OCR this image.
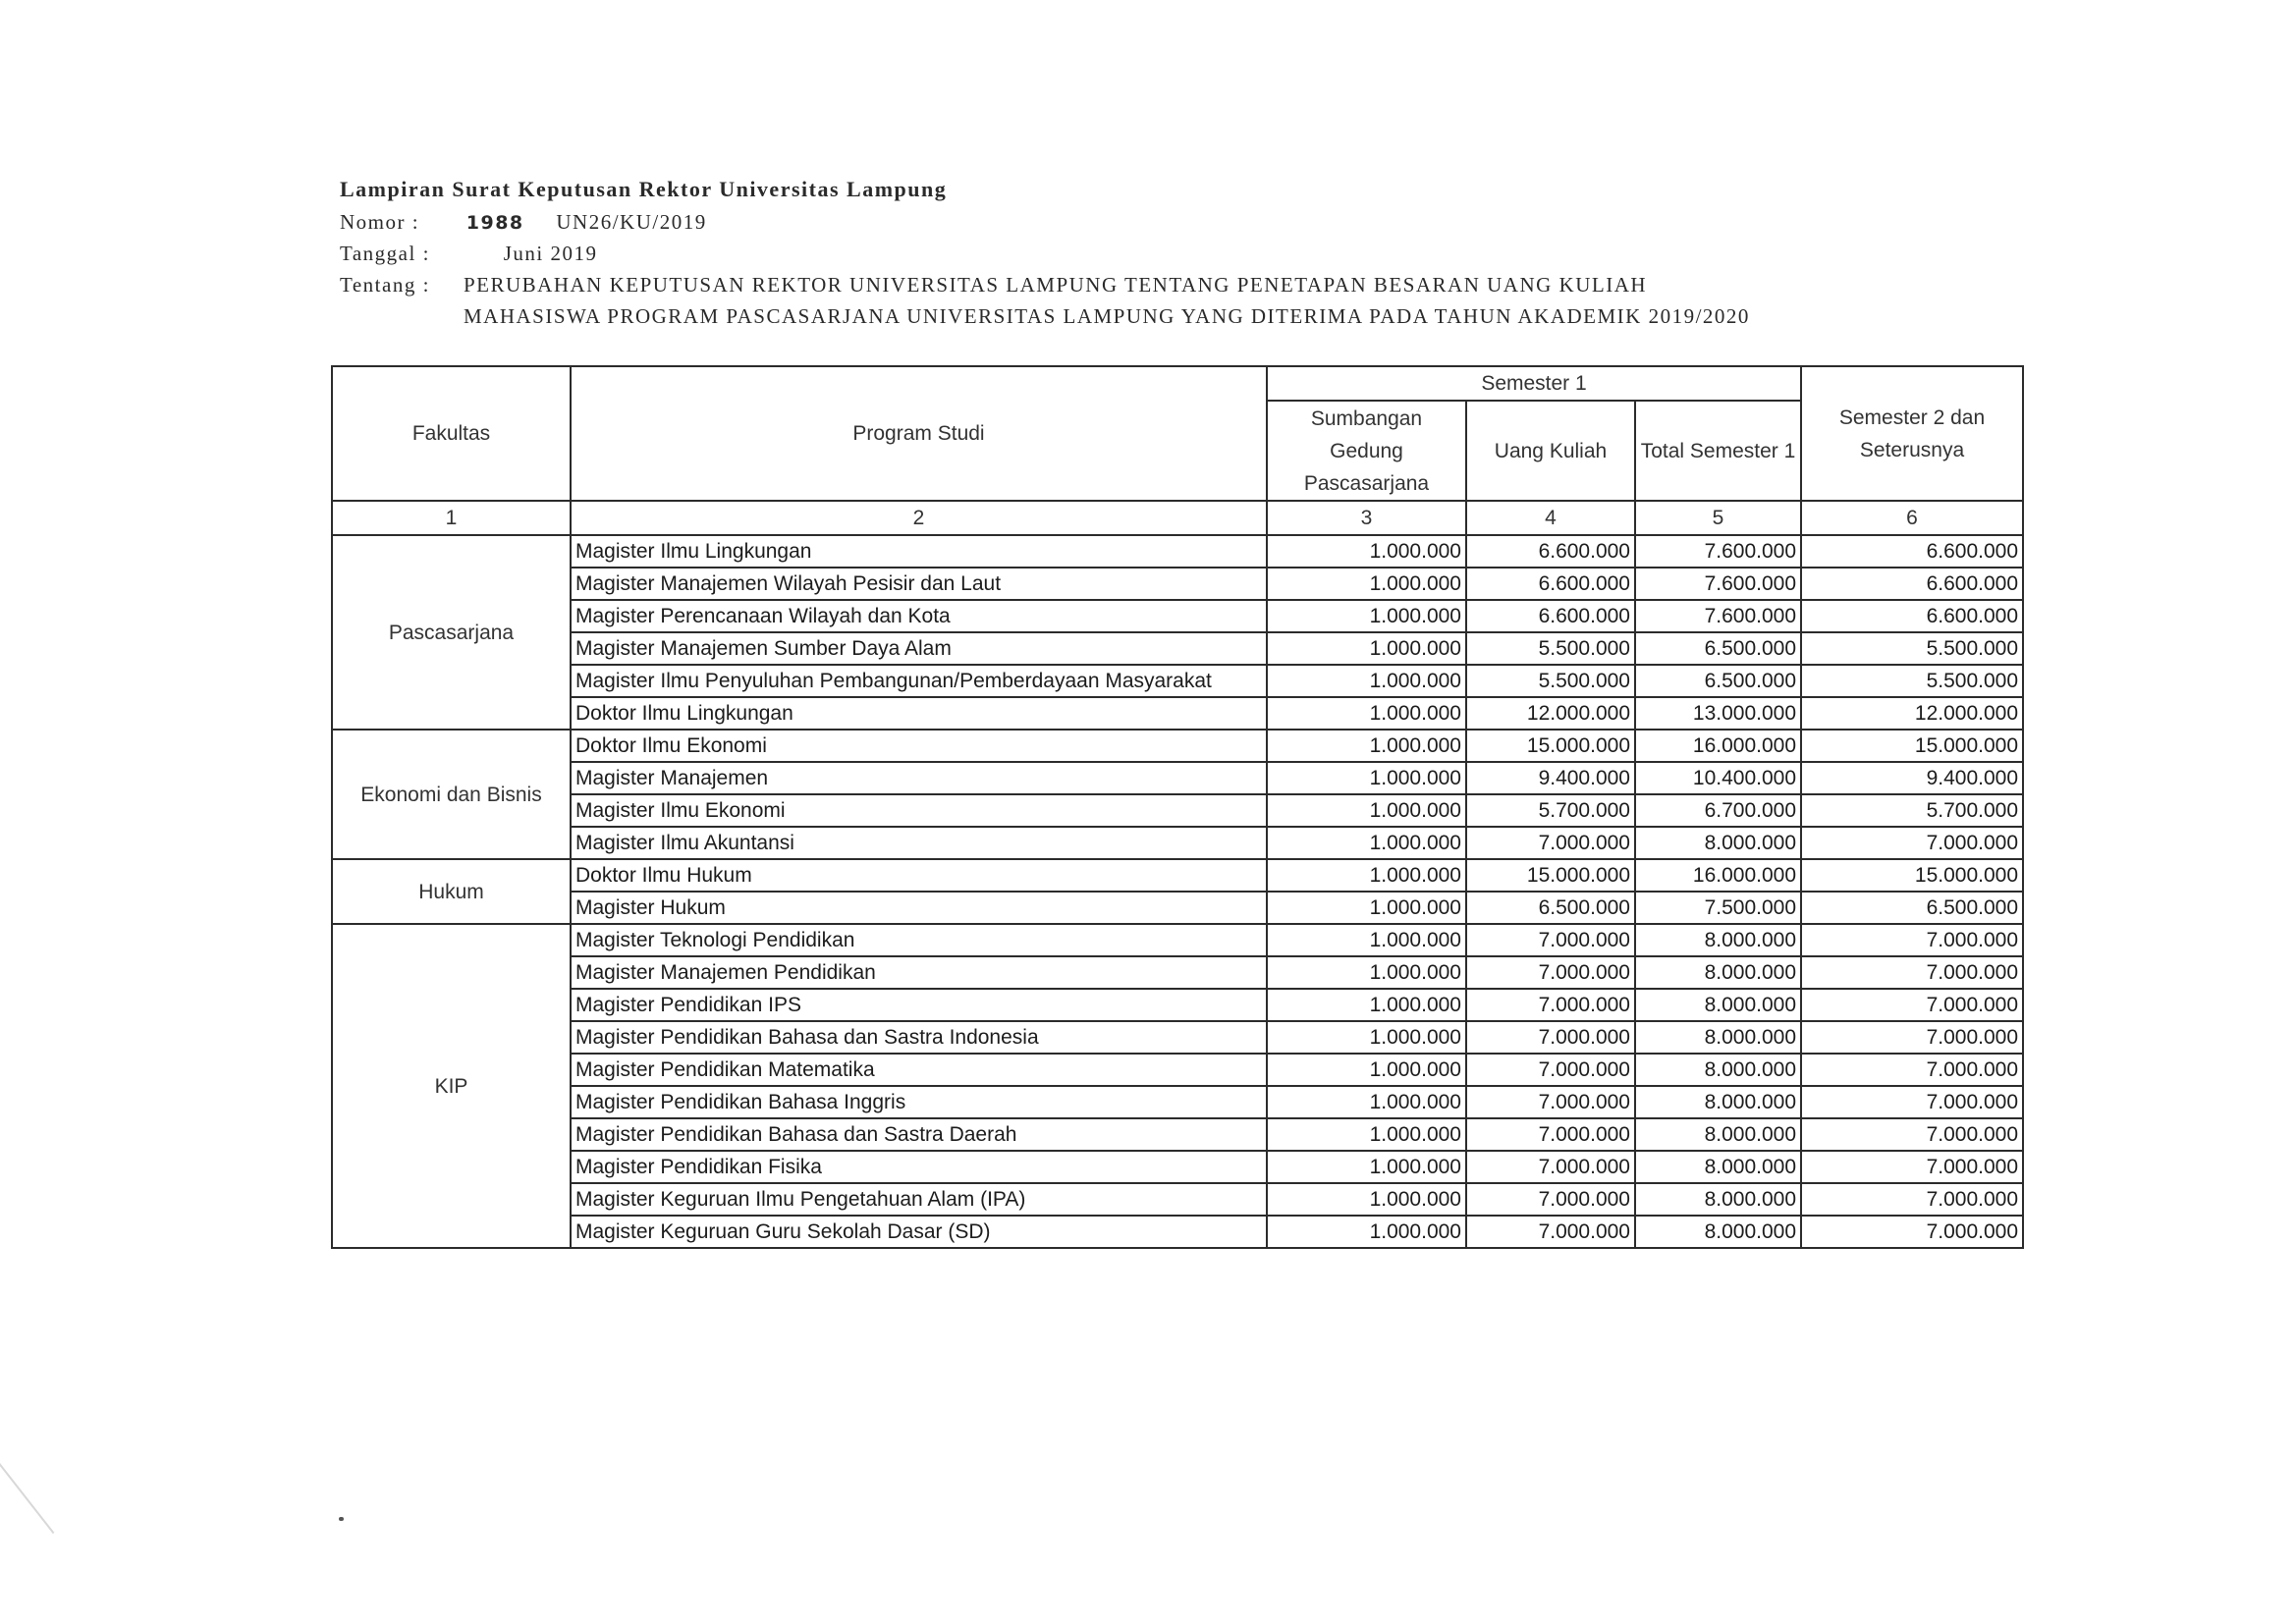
Lampiran Surat Keputusan Rektor Universitas Lampung
Nomor :	1988 UN26/KU/2019
Tanggal :	Juni 2019
Tentang : PERUBAHAN KEPUTUSAN REKTOR UNIVERSITAS LAMPUNG TENTANG PENETAPAN BESARAN UANG KULIAH
MAHASISWA PROGRAM PASCASARJANA UNIVERSITAS LAMPUNG YANG DITERIMA PADA TAHUN AKADEMIK 2019/2020
Fakultas	Program Studi	Semester 1			Semester 2 dan Seterusnya
		Sumbangan Gedung Pascasarjana	Uang Kuliah	Total Semester 1	
1	2	3	4	5	6
Pascasarjana	Magister Ilmu Lingkungan	1.000.000	6.600.000	7.600.000	6.600.000
	Magister Manajemen Wilayah Pesisir dan Laut	1.000.000	6.600.000	7.600.000	6.600.000
	Magister Perencanaan Wilayah dan Kota	1.000.000	6.600.000	7.600.000	6.600.000
	Magister Manajemen Sumber Daya Alam	1.000.000	5.500.000	6.500.000	5.500.000
	Magister Ilmu Penyuluhan Pembangunan/Pemberdayaan Masyarakat	1.000.000	5.500.000	6.500.000	5.500.000
	Doktor Ilmu Lingkungan	1.000.000	12.000.000	13.000.000	12.000.000
Ekonomi dan Bisnis	Doktor Ilmu Ekonomi	1.000.000	15.000.000	16.000.000	15.000.000
	Magister Manajemen	1.000.000	9.400.000	10.400.000	9.400.000
	Magister Ilmu Ekonomi	1.000.000	5.700.000	6.700.000	5.700.000
	Magister Ilmu Akuntansi	1.000.000	7.000.000	8.000.000	7.000.000
Hukum	Doktor Ilmu Hukum	1.000.000	15.000.000	16.000.000	15.000.000
	Magister Hukum	1.000.000	6.500.000	7.500.000	6.500.000
KIP	Magister Teknologi Pendidikan	1.000.000	7.000.000	8.000.000	7.000.000
	Magister Manajemen Pendidikan	1.000.000	7.000.000	8.000.000	7.000.000
	Magister Pendidikan IPS	1.000.000	7.000.000	8.000.000	7.000.000
	Magister Pendidikan Bahasa dan Sastra Indonesia	1.000.000	7.000.000	8.000.000	7.000.000
	Magister Pendidikan Matematika	1.000.000	7.000.000	8.000.000	7.000.000
	Magister Pendidikan Bahasa Inggris	1.000.000	7.000.000	8.000.000	7.000.000
	Magister Pendidikan Bahasa dan Sastra Daerah	1.000.000	7.000.000	8.000.000	7.000.000
	Magister Pendidikan Fisika	1.000.000	7.000.000	8.000.000	7.000.000
	Magister Keguruan Ilmu Pengetahuan Alam (IPA)	1.000.000	7.000.000	8.000.000	7.000.000
	Magister Keguruan Guru Sekolah Dasar (SD)	1.000.000	7.000.000	8.000.000	7.000.000
